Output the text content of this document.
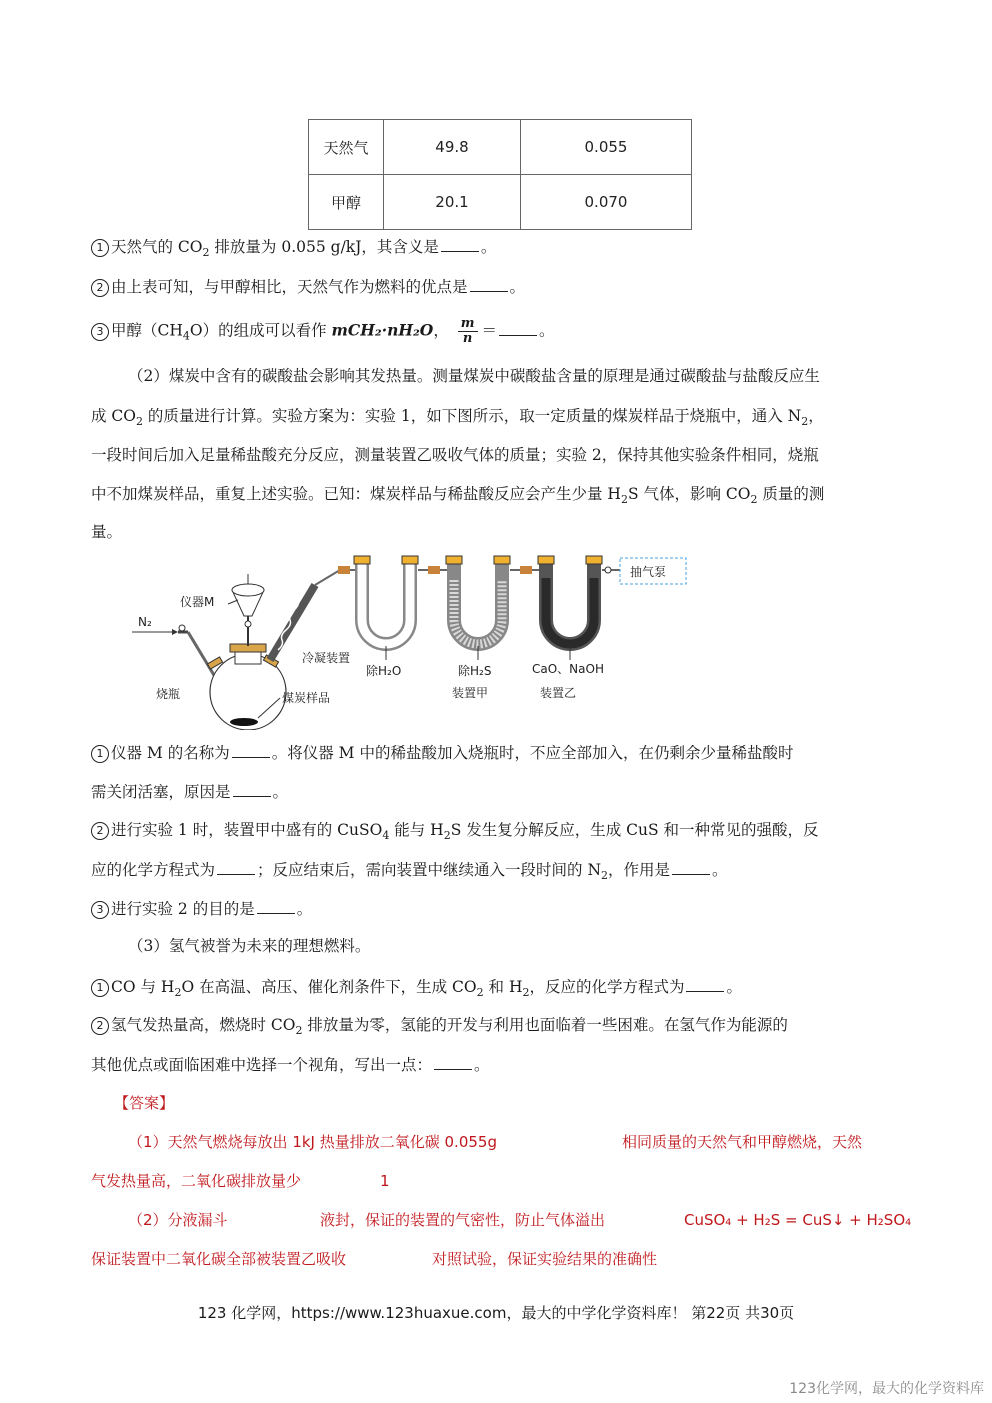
天然气	49.8	0.055
甲醇	20.1	0.070
1 天然气的 $CO_2$ 排放量为 0.055 g/kJ，其含义是	。
2 由上表可知，与甲醇相比，天然气作为燃料的优点是	。
3 甲醇$(CH_4O)$的组成可以看作 mCH₂·nH₂O， $\frac{m}{n}$ ＝	。
（2）煤炭中含有的碳酸盐会影响其发热量。测量煤炭中碳酸盐含量的原理是通过碳酸盐与盐酸反应生
成 $CO_2$ 的质量进行计算。实验方案为：实验 1，如下图所示，取一定质量的煤炭样品于烧瓶中，通入 $N_2$，
一段时间后加入足量稀盐酸充分反应，测量装置乙吸收气体的质量；实验 2，保持其他实验条件相同，烧瓶
中不加煤炭样品，重复上述实验。已知：煤炭样品与稀盐酸反应会产生少量 $H_2S$ 气体，影响 $CO_2$ 质量的测
量。
N₂
仪器M
冷凝装置
烧瓶	煤炭样品
除H₂O	除H₂S
装置甲
CaO、NaOH
装置乙
抽气泵
1 仪器 M 的名称为	。将仪器 M 中的稀盐酸加入烧瓶时，不应全部加入，在仍剩余少量稀盐酸时
需关闭活塞，原因是	。
2 进行实验 1 时，装置甲中盛有的 CuSO$_4$ 能与 $H_2S$ 发生复分解反应，生成 CuS 和一种常见的强酸，反
应的化学方程式为	；反应结束后，需向装置中继续通入一段时间的 $N_2$，作用是	。
3 进行实验 2 的目的是	。
（3）氢气被誉为未来的理想燃料。
1 CO 与 $H_2O$ 在高温、高压、催化剂条件下，生成 $CO_2$ 和 $H_2$，反应的化学方程式为	。
2 氢气发热量高，燃烧时 $CO_2$ 排放量为零，氢能的开发与利用也面临着一些困难。在氢气作为能源的
其他优点或面临困难中选择一个视角，写出一点：	。
【答案】
（1）天然气燃烧每放出 1kJ 热量排放二氧化碳 0.055g	相同质量的天然气和甲醇燃烧，天然
气发热量高，二氧化碳排放量少	1
（2）分液漏斗	液封，保证的装置的气密性，防止气体溢出	CuSO₄ + H₂S = CuS↓ + H₂SO₄
保证装置中二氧化碳全部被装置乙吸收	对照试验，保证实验结果的准确性
123 化学网，https://www.123huaxue.com，最大的中学化学资料库！ 第22页 共30页
123化学网，最大的化学资料库
